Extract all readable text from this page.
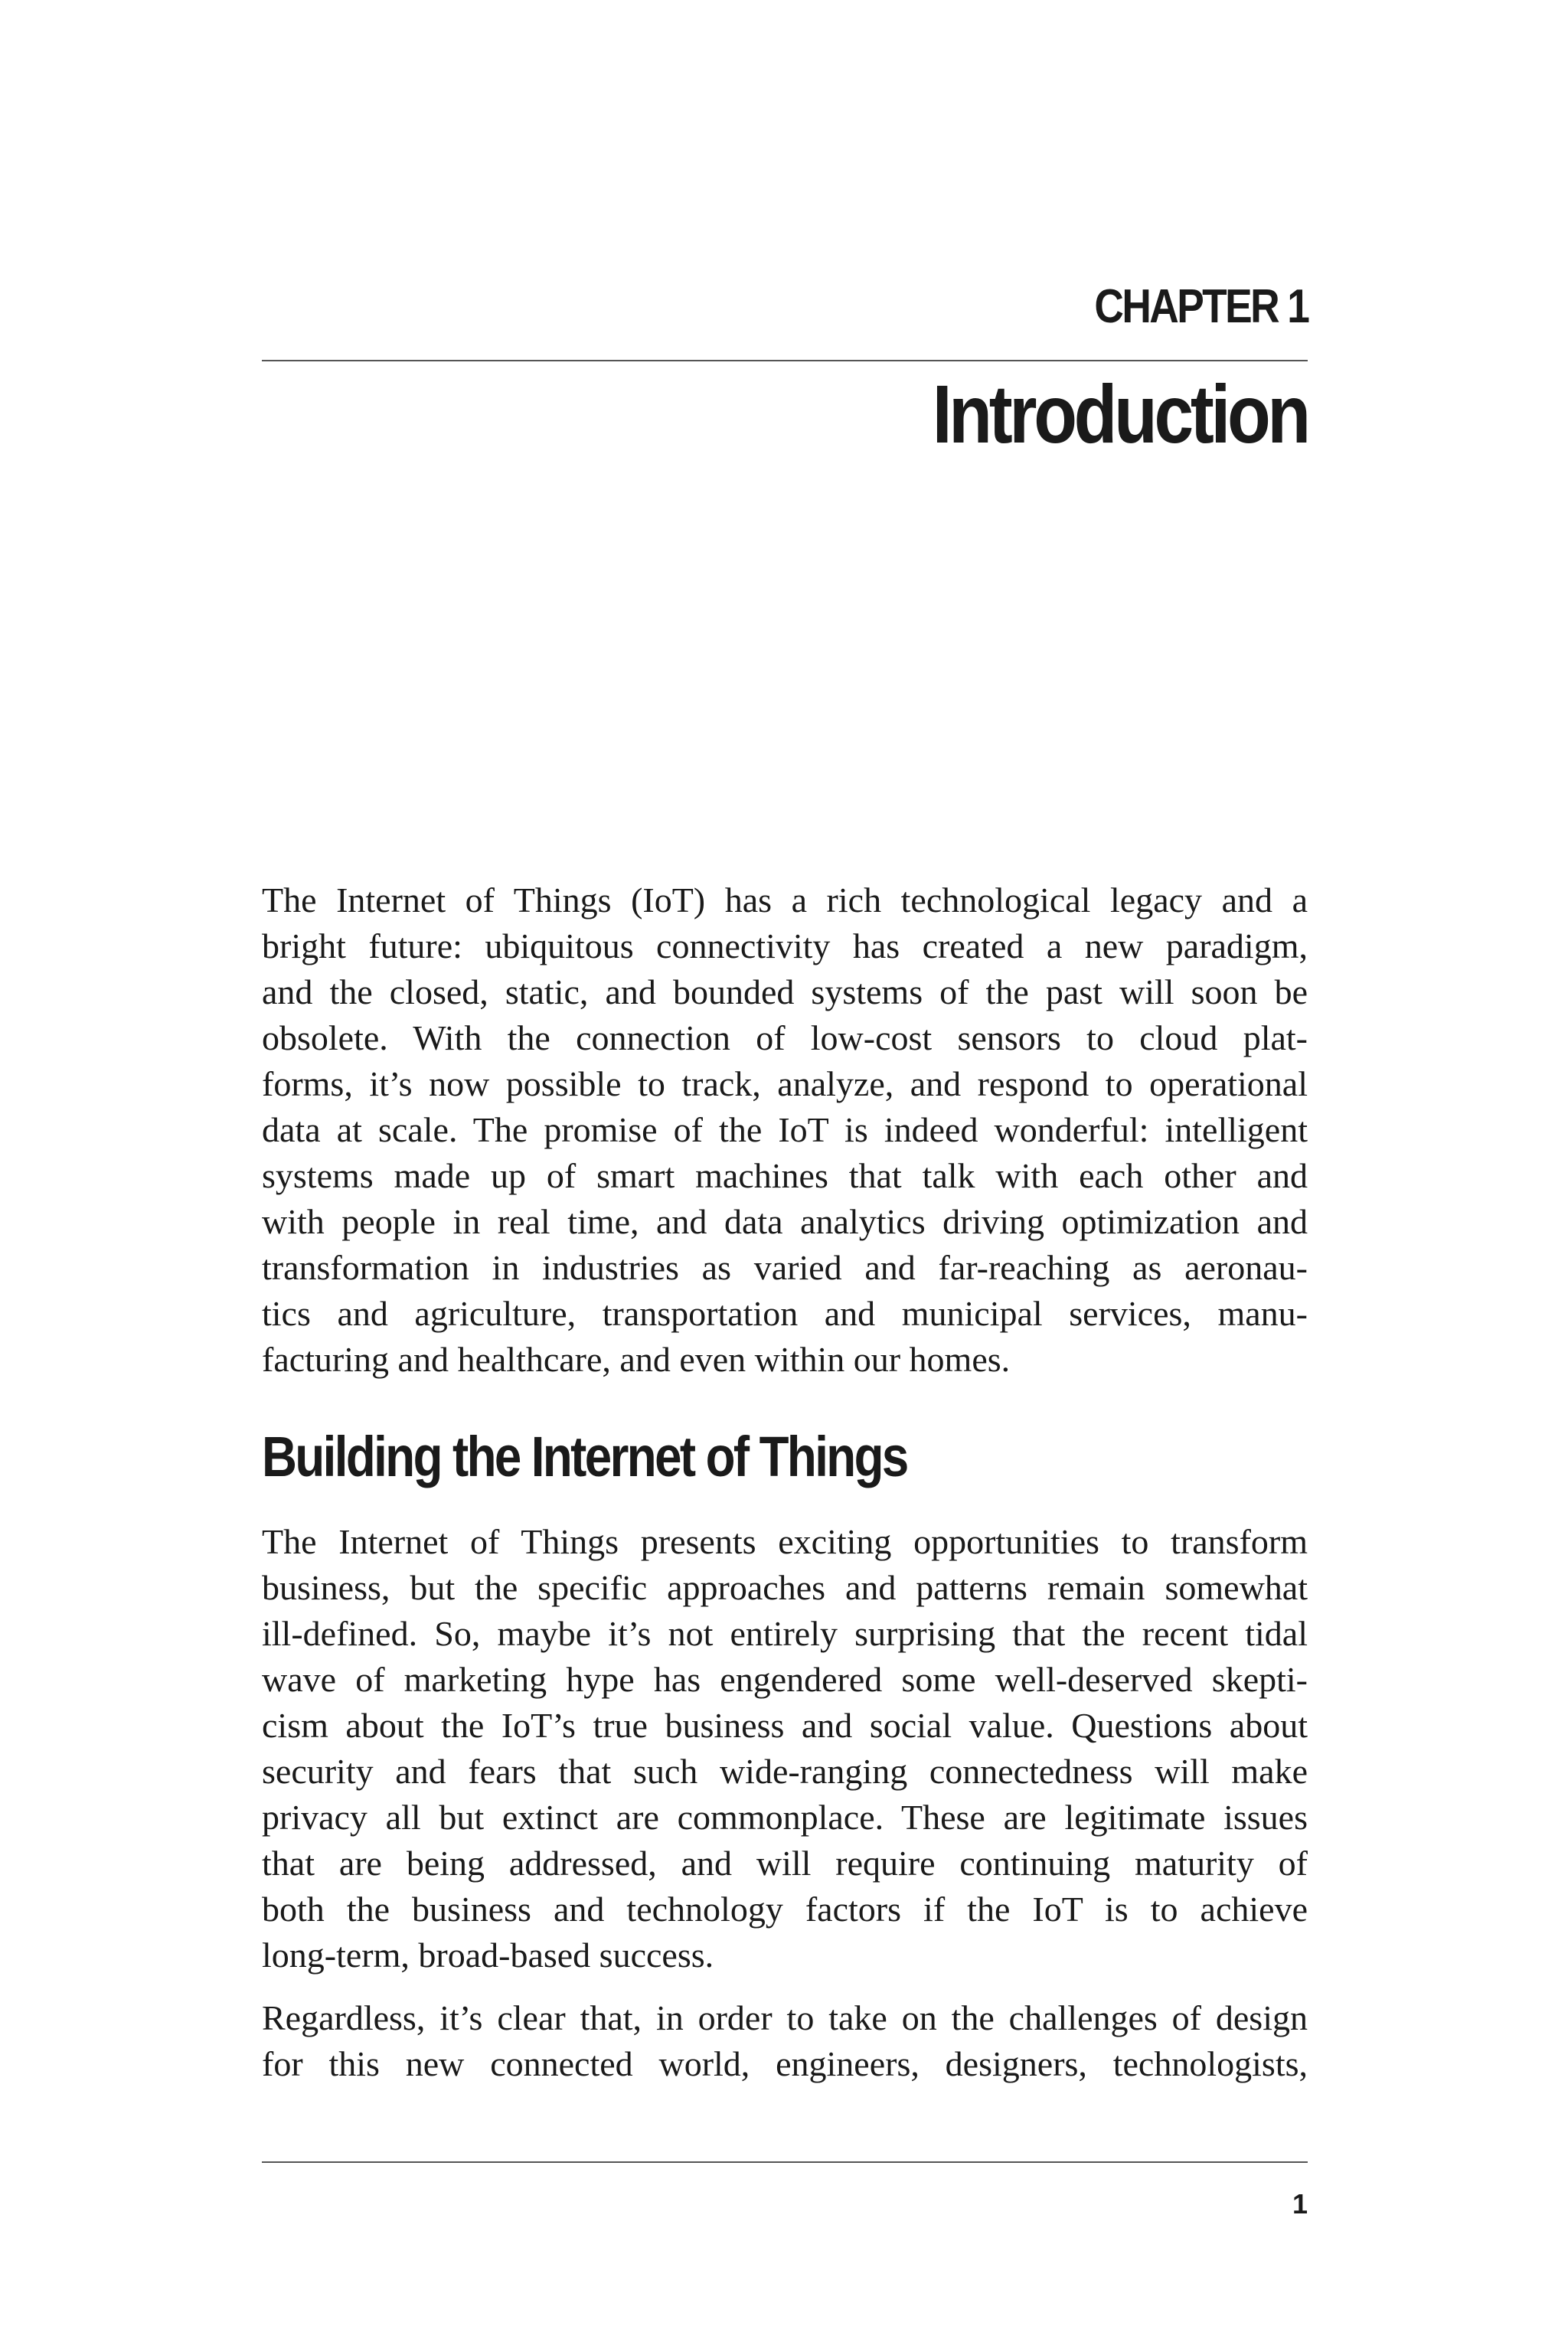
CHAPTER 1
Introduction

The Internet of Things (IoT) has a rich technological legacy and a
bright future: ubiquitous connectivity has created a new paradigm,
and the closed, static, and bounded systems of the past will soon be
obsolete. With the connection of low-cost sensors to cloud plat-
forms, it’s now possible to track, analyze, and respond to operational
data at scale. The promise of the IoT is indeed wonderful: intelligent
systems made up of smart machines that talk with each other and
with people in real time, and data analytics driving optimization and
transformation in industries as varied and far-reaching as aeronau-
tics and agriculture, transportation and municipal services, manu-
facturing and healthcare, and even within our homes.

Building the Internet of Things

The Internet of Things presents exciting opportunities to transform
business, but the specific approaches and patterns remain somewhat
ill-defined. So, maybe it’s not entirely surprising that the recent tidal
wave of marketing hype has engendered some well-deserved skepti-
cism about the IoT’s true business and social value. Questions about
security and fears that such wide-ranging connectedness will make
privacy all but extinct are commonplace. These are legitimate issues
that are being addressed, and will require continuing maturity of
both the business and technology factors if the IoT is to achieve
long-term, broad-based success.

Regardless, it’s clear that, in order to take on the challenges of design
for this new connected world, engineers, designers, technologists,

1
